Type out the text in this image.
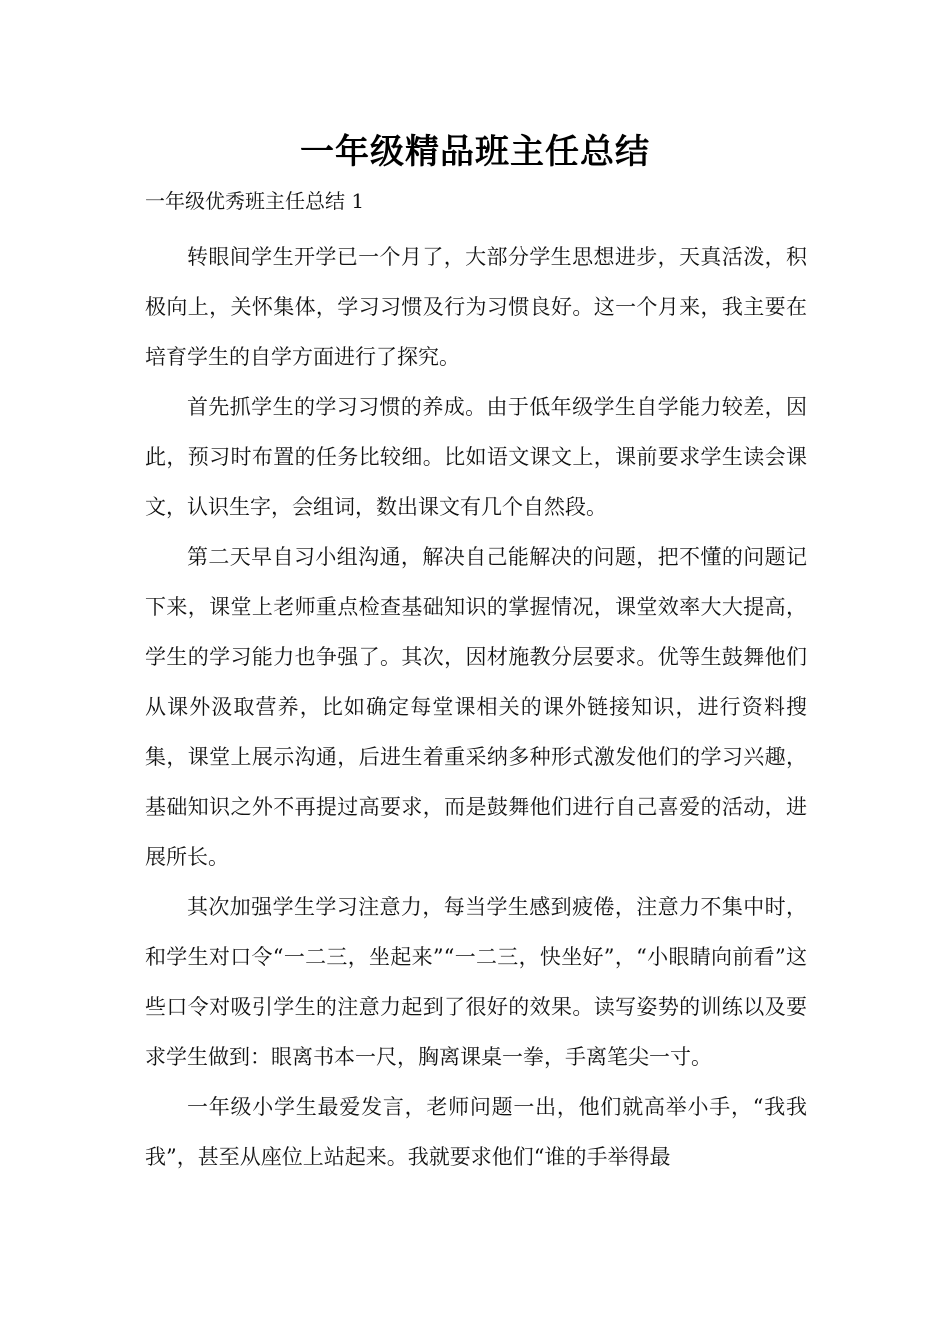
一年级精品班主任总结

一年级优秀班主任总结 1

转眼间学生开学已一个月了，大部分学生思想进步，天真活泼，积极向上，关怀集体，学习习惯及行为习惯良好。这一个月来，我主要在培育学生的自学方面进行了探究。

首先抓学生的学习习惯的养成。由于低年级学生自学能力较差，因此，预习时布置的任务比较细。比如语文课文上，课前要求学生读会课文，认识生字，会组词，数出课文有几个自然段。

第二天早自习小组沟通，解决自己能解决的问题，把不懂的问题记下来，课堂上老师重点检查基础知识的掌握情况，课堂效率大大提高，学生的学习能力也争强了。其次，因材施教分层要求。优等生鼓舞他们从课外汲取营养，比如确定每堂课相关的课外链接知识，进行资料搜集，课堂上展示沟通，后进生着重采纳多种形式激发他们的学习兴趣，基础知识之外不再提过高要求，而是鼓舞他们进行自己喜爱的活动，进展所长。

其次加强学生学习注意力，每当学生感到疲倦，注意力不集中时，和学生对口令“一二三，坐起来”“一二三，快坐好”，“小眼睛向前看”这些口令对吸引学生的注意力起到了很好的效果。读写姿势的训练以及要求学生做到：眼离书本一尺，胸离课桌一拳，手离笔尖一寸。

一年级小学生最爱发言，老师问题一出，他们就高举小手，“我我我”，甚至从座位上站起来。我就要求他们“谁的手举得最
